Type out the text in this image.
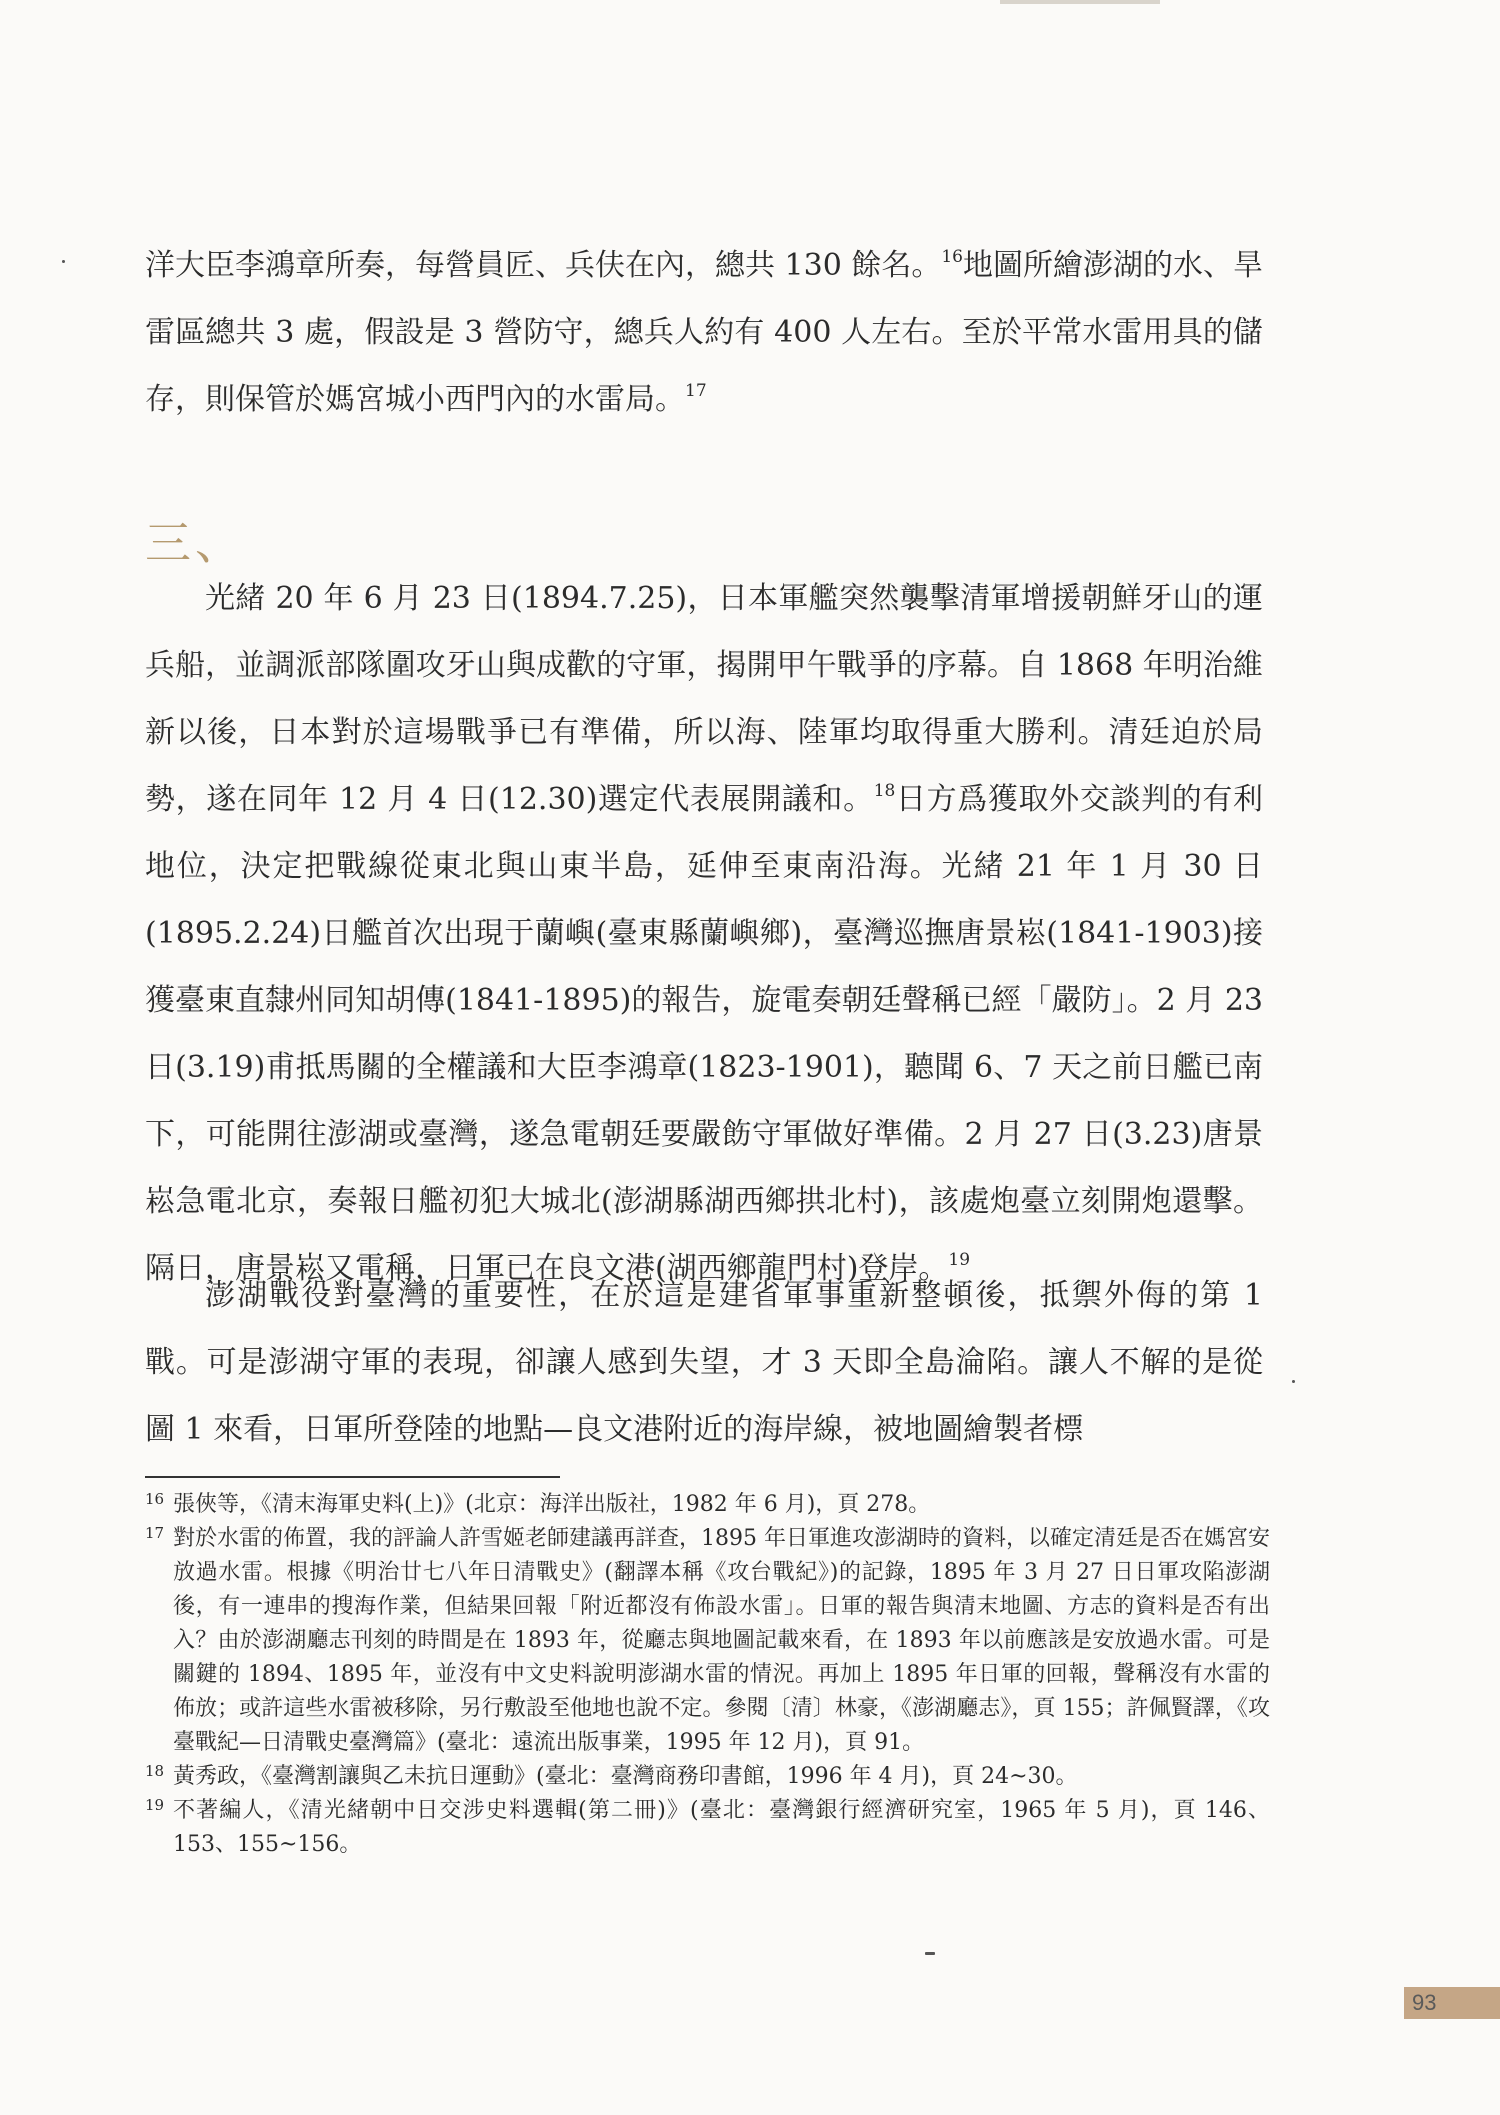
洋大臣李鴻章所奏，每營員匠、兵伕在內，總共 130 餘名。$^{16}$地圖所繪澎湖的水、旱雷區總共 3 處，假設是 3 營防守，總兵人約有 400 人左右。至於平常水雷用具的儲存，則保管於媽宮城小西門內的水雷局。$^{17}$

三、

光緒 20 年 6 月 23 日(1894.7.25)，日本軍艦突然襲擊清軍增援朝鮮牙山的運兵船，並調派部隊圍攻牙山與成歡的守軍，揭開甲午戰爭的序幕。自 1868 年明治維新以後，日本對於這場戰爭已有準備，所以海、陸軍均取得重大勝利。清廷迫於局勢，遂在同年 12 月 4 日(12.30)選定代表展開議和。$^{18}$日方爲獲取外交談判的有利地位，決定把戰線從東北與山東半島，延伸至東南沿海。光緒 21 年 1 月 30 日(1895.2.24)日艦首次出現于蘭嶼(臺東縣蘭嶼鄉)，臺灣巡撫唐景崧(1841-1903)接獲臺東直隸州同知胡傳(1841-1895)的報告，旋電奏朝廷聲稱已經「嚴防」。2 月 23 日(3.19)甫抵馬關的全權議和大臣李鴻章(1823-1901)，聽聞 6、7 天之前日艦已南下，可能開往澎湖或臺灣，遂急電朝廷要嚴飭守軍做好準備。2 月 27 日(3.23)唐景崧急電北京，奏報日艦初犯大城北(澎湖縣湖西鄉拱北村)，該處炮臺立刻開炮還擊。隔日，唐景崧又電稱，日軍已在良文港(湖西鄉龍門村)登岸。$^{19}$

澎湖戰役對臺灣的重要性，在於這是建省軍事重新整頓後，抵禦外侮的第 1 戰。可是澎湖守軍的表現，卻讓人感到失望，才 3 天即全島淪陷。讓人不解的是從圖 1 來看，日軍所登陸的地點—良文港附近的海岸線，被地圖繪製者標

16 張俠等，《清末海軍史料(上)》(北京：海洋出版社，1982 年 6 月)，頁 278。

17 對於水雷的佈置，我的評論人許雪姬老師建議再詳查，1895 年日軍進攻澎湖時的資料，以確定清廷是否在媽宮安放過水雷。根據《明治廿七八年日清戰史》(翻譯本稱《攻台戰紀》)的記錄，1895 年 3 月 27 日日軍攻陷澎湖後，有一連串的搜海作業，但結果回報「附近都沒有佈設水雷」。日軍的報告與清末地圖、方志的資料是否有出入？由於澎湖廳志刊刻的時間是在 1893 年，從廳志與地圖記載來看，在 1893 年以前應該是安放過水雷。可是關鍵的 1894、1895 年，並沒有中文史料說明澎湖水雷的情況。再加上 1895 年日軍的回報，聲稱沒有水雷的佈放；或許這些水雷被移除，另行敷設至他地也說不定。參閱〔清〕林豪，《澎湖廳志》，頁 155；許佩賢譯，《攻臺戰紀—日清戰史臺灣篇》(臺北：遠流出版事業，1995 年 12 月)，頁 91。

18 黃秀政，《臺灣割讓與乙未抗日運動》(臺北：臺灣商務印書館，1996 年 4 月)，頁 24~30。

19 不著編人，《清光緒朝中日交涉史料選輯(第二冊)》(臺北：臺灣銀行經濟研究室，1965 年 5 月)，頁 146、153、155~156。

93
